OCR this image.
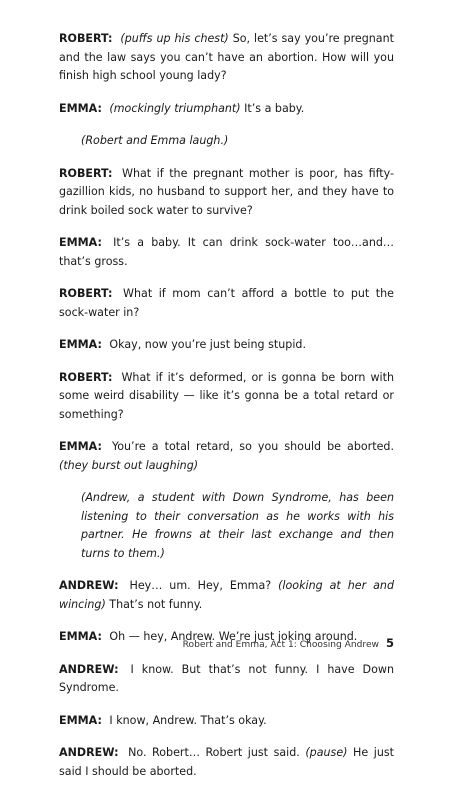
ROBERT: (puffs up his chest) So, let’s say you’re pregnant and the law says you can’t have an abortion. How will you finish high school young lady?

EMMA: (mockingly triumphant) It’s a baby.

(Robert and Emma laugh.)

ROBERT: What if the pregnant mother is poor, has fifty-gazillion kids, no husband to support her, and they have to drink boiled sock water to survive?

EMMA: It’s a baby. It can drink sock-water too…and…that’s gross.

ROBERT: What if mom can’t afford a bottle to put the sock-water in?

EMMA: Okay, now you’re just being stupid.

ROBERT: What if it’s deformed, or is gonna be born with some weird disability — like it’s gonna be a total retard or something?

EMMA: You’re a total retard, so you should be aborted. (they burst out laughing)

(Andrew, a student with Down Syndrome, has been listening to their conversation as he works with his partner. He frowns at their last exchange and then turns to them.)

ANDREW: Hey… um. Hey, Emma? (looking at her and wincing) That’s not funny.

EMMA: Oh — hey, Andrew. We’re just joking around.

ANDREW: I know. But that’s not funny. I have Down Syndrome.

EMMA: I know, Andrew. That’s okay.

ANDREW: No. Robert… Robert just said. (pause) He just said I should be aborted.

Robert and Emma, Act 1: Choosing Andrew 5
